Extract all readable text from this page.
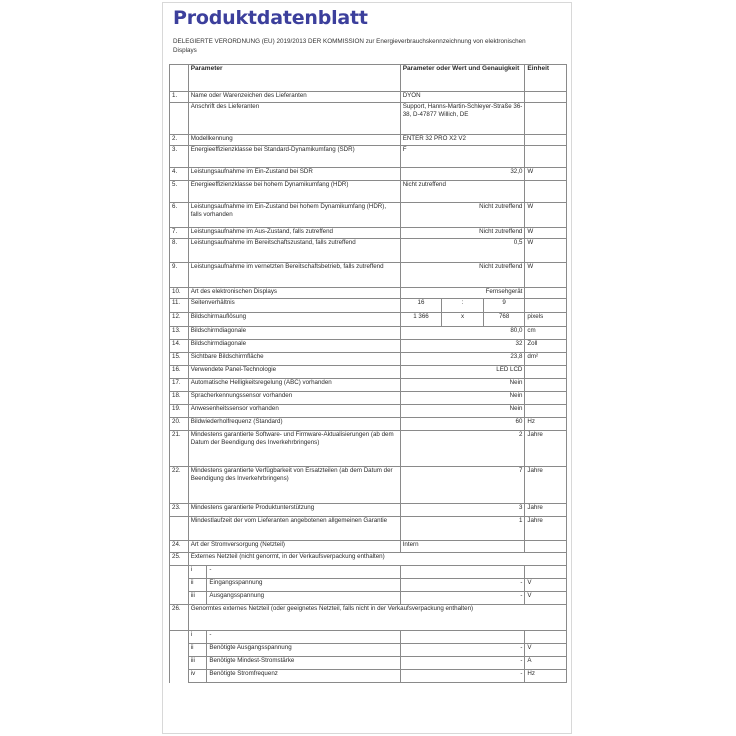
Produktdatenblatt
DELEGIERTE VERORDNUNG (EU) 2019/2013 DER KOMMISSION zur Energieverbrauchskennzeichnung von elektronischen Displays
	Parameter		Parameter oder Wert und Genauigkeit			Einheit
1.	Name oder Warenzeichen des Lieferanten		DYON			
	Anschrift des Lieferanten		Support, Hanns-Martin-Schleyer-Straße 36-38, D-47877 Willich, DE			
2.	Modellkennung		ENTER 32 PRO X2 V2			
3.	Energieeffizienzklasse bei Standard-Dynamikumfang (SDR)		F			
4.	Leistungsaufnahme im Ein-Zustand bei SDR		32,0			W
5.	Energieeffizienzklasse bei hohem Dynamikumfang (HDR)		Nicht zutreffend			
6.	Leistungsaufnahme im Ein-Zustand bei hohem Dynamikumfang (HDR), falls vorhanden		Nicht zutreffend			W
7.	Leistungsaufnahme im Aus-Zustand, falls zutreffend		Nicht zutreffend			W
8.	Leistungsaufnahme im Bereitschaftszustand, falls zutreffend		0,5			W
9.	Leistungsaufnahme im vernetzten Bereitschaftsbetrieb, falls zutreffend		Nicht zutreffend			W
10.	Art des elektronischen Displays		Fernsehgerät			
11.	Seitenverhältnis		16	:	9	
12.	Bildschirmauflösung		1 366	x	768	pixels
13.	Bildschirmdiagonale		80,0			cm
14.	Bildschirmdiagonale		32			Zoll
15.	Sichtbare Bildschirmfläche		23,8			dm²
16.	Verwendete Panel-Technologie		LED LCD			
17.	Automatische Helligkeitsregelung (ABC) vorhanden		Nein			
18.	Spracherkennungssensor vorhanden		Nein			
19.	Anwesenheitssensor vorhanden		Nein			
20.	Bildwiederholfrequenz (Standard)		60			Hz
21.	Mindestens garantierte Software- und Firmware-Aktualisierungen (ab dem Datum der Beendigung des Inverkehrbringens)		2			Jahre
22.	Mindestens garantierte Verfügbarkeit von Ersatzteilen (ab dem Datum der Beendigung des Inverkehrbringens)		7			Jahre
23.	Mindestens garantierte Produktunterstützung		3			Jahre
	Mindestlaufzeit der vom Lieferanten angebotenen allgemeinen Garantie		1			Jahre
24.	Art der Stromversorgung (Netzteil)		Intern			
25.	Externes Netzteil (nicht genormt, in der Verkaufsverpackung enthalten)					
	i	-				
	ii	Eingangsspannung	-			V
	iii	Ausgangsspannung	-			V
26.	Genormtes externes Netzteil (oder geeignetes Netzteil, falls nicht in der Verkaufsverpackung enthalten)					
	i	-				
	ii	Benötigte Ausgangsspannung	-			V
	iii	Benötigte Mindest-Stromstärke	-			A
	iv	Benötigte Stromfrequenz	-			Hz
